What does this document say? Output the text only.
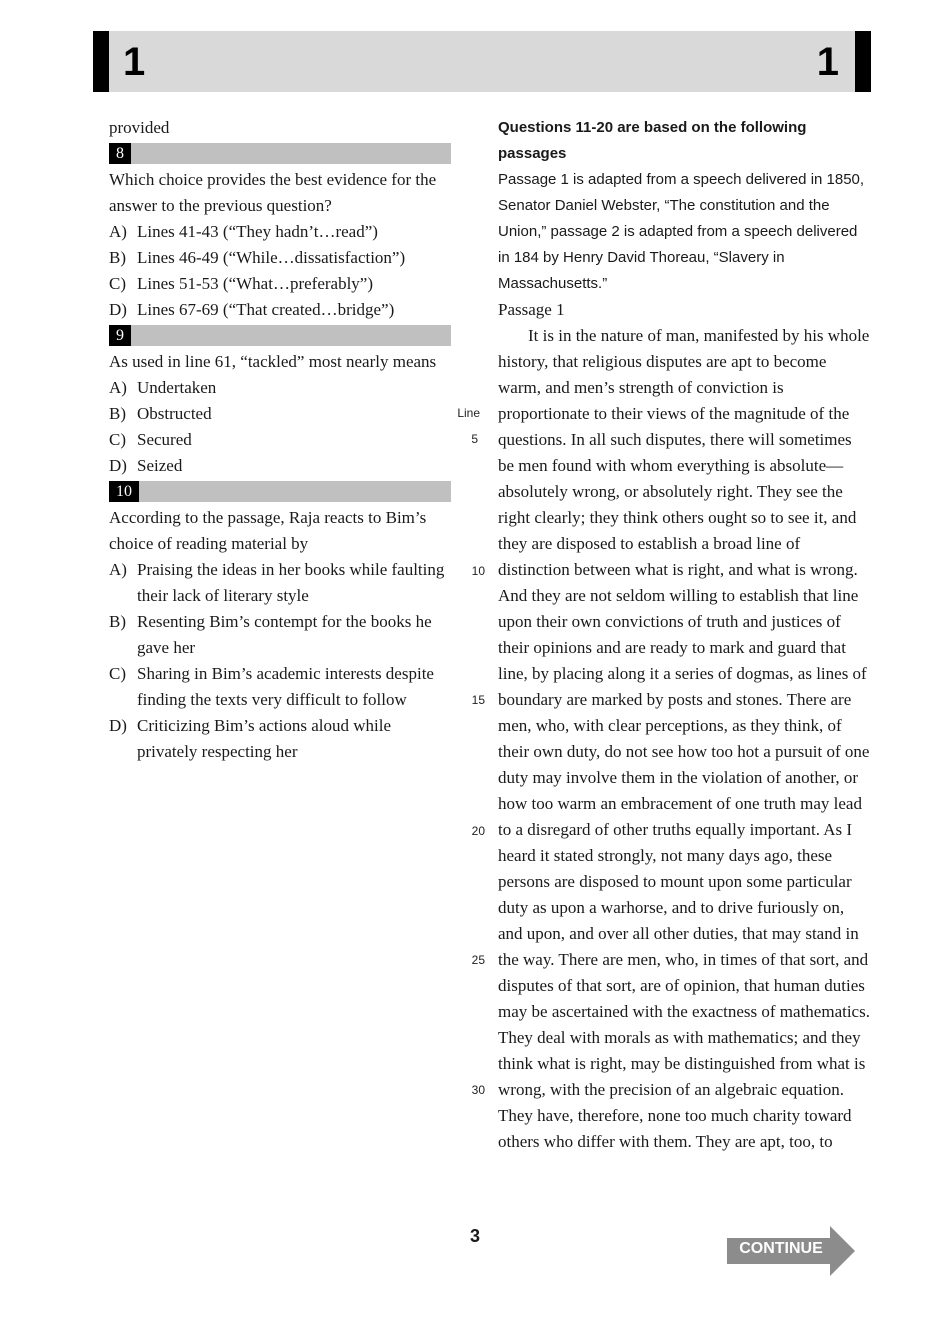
1	1

provided

8

Which choice provides the best evidence for the answer to the previous question?

A) Lines 41-43 (“They hadn’t…read”)
B) Lines 46-49 (“While…dissatisfaction”)
C) Lines 51-53 (“What…preferably”)
D) Lines 67-69 (“That created…bridge”)
9

As used in line 61, “tackled” most nearly means

A) Undertaken
B) Obstructed
C) Secured
D) Seized
10

According to the passage, Raja reacts to Bim’s choice of reading material by

A) Praising the ideas in her books while faulting their lack of literary style
B) Resenting Bim’s contempt for the books he gave her
C) Sharing in Bim’s academic interests despite finding the texts very difficult to follow
D) Criticizing Bim’s actions aloud while privately respecting her
Line
5
10
15
20
25
30

Questions 11-20 are based on the following passages

Passage 1 is adapted from a speech delivered in 1850, Senator Daniel Webster, “The constitution and the Union,” passage 2 is adapted from a speech delivered in 184 by Henry David Thoreau, “Slavery in Massachusetts.”

Passage 1

It is in the nature of man, manifested by his whole history, that religious disputes are apt to become warm, and men’s strength of conviction is proportionate to their views of the magnitude of the questions. In all such disputes, there will sometimes be men found with whom everything is absolute—absolutely wrong, or absolutely right. They see the right clearly; they think others ought so to see it, and they are disposed to establish a broad line of distinction between what is right, and what is wrong. And they are not seldom willing to establish that line upon their own convictions of truth and justices of their opinions and are ready to mark and guard that line, by placing along it a series of dogmas, as lines of boundary are marked by posts and stones. There are men, who, with clear perceptions, as they think, of their own duty, do not see how too hot a pursuit of one duty may involve them in the violation of another, or how too warm an embracement of one truth may lead to a disregard of other truths equally important. As I heard it stated strongly, not many days ago, these persons are disposed to mount upon some particular duty as upon a warhorse, and to drive furiously on, and upon, and over all other duties, that may stand in the way. There are men, who, in times of that sort, and disputes of that sort, are of opinion, that human duties may be ascertained with the exactness of mathematics. They deal with morals as with mathematics; and they think what is right, may be distinguished from what is wrong, with the precision of an algebraic equation. They have, therefore, none too much charity toward others who differ with them. They are apt, too, to

3
CONTINUE
